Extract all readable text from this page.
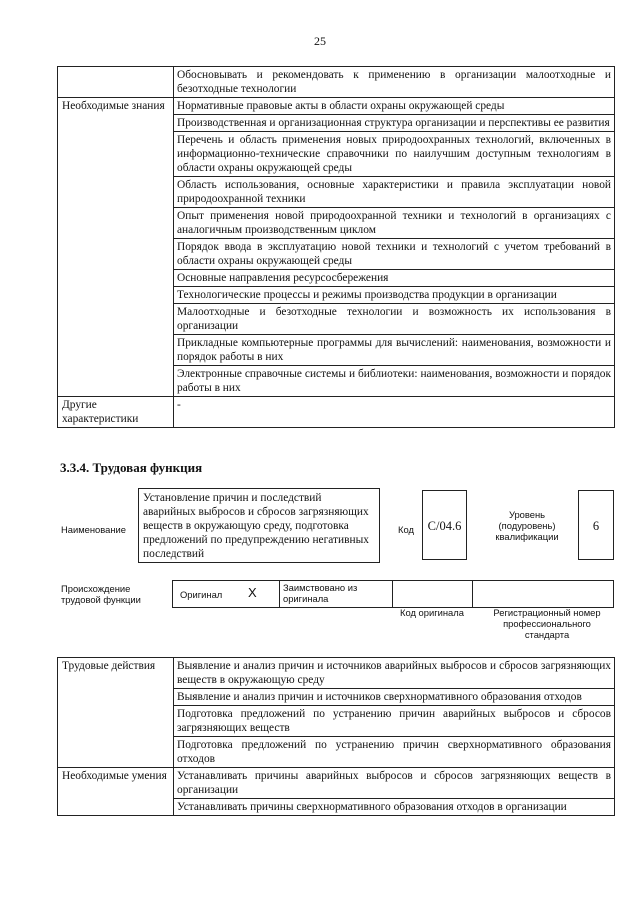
25
	Обосновывать и рекомендовать к применению в организации малоотходные и безотходные технологии
Необходимые знания	Нормативные правовые акты в области охраны окружающей среды
	Производственная и организационная структура организации и перспективы ее развития
	Перечень и область применения новых природоохранных технологий, включенных в информационно-технические справочники по наилучшим доступным технологиям в области охраны окружающей среды
	Область использования, основные характеристики и правила эксплуатации новой природоохранной техники
	Опыт применения новой природоохранной техники и технологий в организациях с аналогичным производственным циклом
	Порядок ввода в эксплуатацию новой техники и технологий с учетом требований в области охраны окружающей среды
	Основные направления ресурсосбережения
	Технологические процессы и режимы производства продукции в организации
	Малоотходные и безотходные технологии и возможность их использования в организации
	Прикладные компьютерные программы для вычислений: наименования, возможности и порядок работы в них
	Электронные справочные системы и библиотеки: наименования, возможности и порядок работы в них
Другие характеристики	-
3.3.4. Трудовая функция
Наименование
Установление причин и последствий аварийных выбросов и сбросов загрязняющих веществ в окружающую среду, подготовка предложений по предупреждению негативных последствий
Код	C/04.6
Уровень (подуровень) квалификации
6
Происхождение трудовой функции	Оригинал X	Заимствовано из оригинала
Код оригинала	Регистрационный номер профессионального стандарта
Трудовые действия	Выявление и анализ причин и источников аварийных выбросов и сбросов загрязняющих веществ в окружающую среду
	Выявление и анализ причин и источников сверхнормативного образования отходов
	Подготовка предложений по устранению причин аварийных выбросов и сбросов загрязняющих веществ
	Подготовка предложений по устранению причин сверхнормативного образования отходов
Необходимые умения	Устанавливать причины аварийных выбросов и сбросов загрязняющих веществ в организации
	Устанавливать причины сверхнормативного образования отходов в организации
